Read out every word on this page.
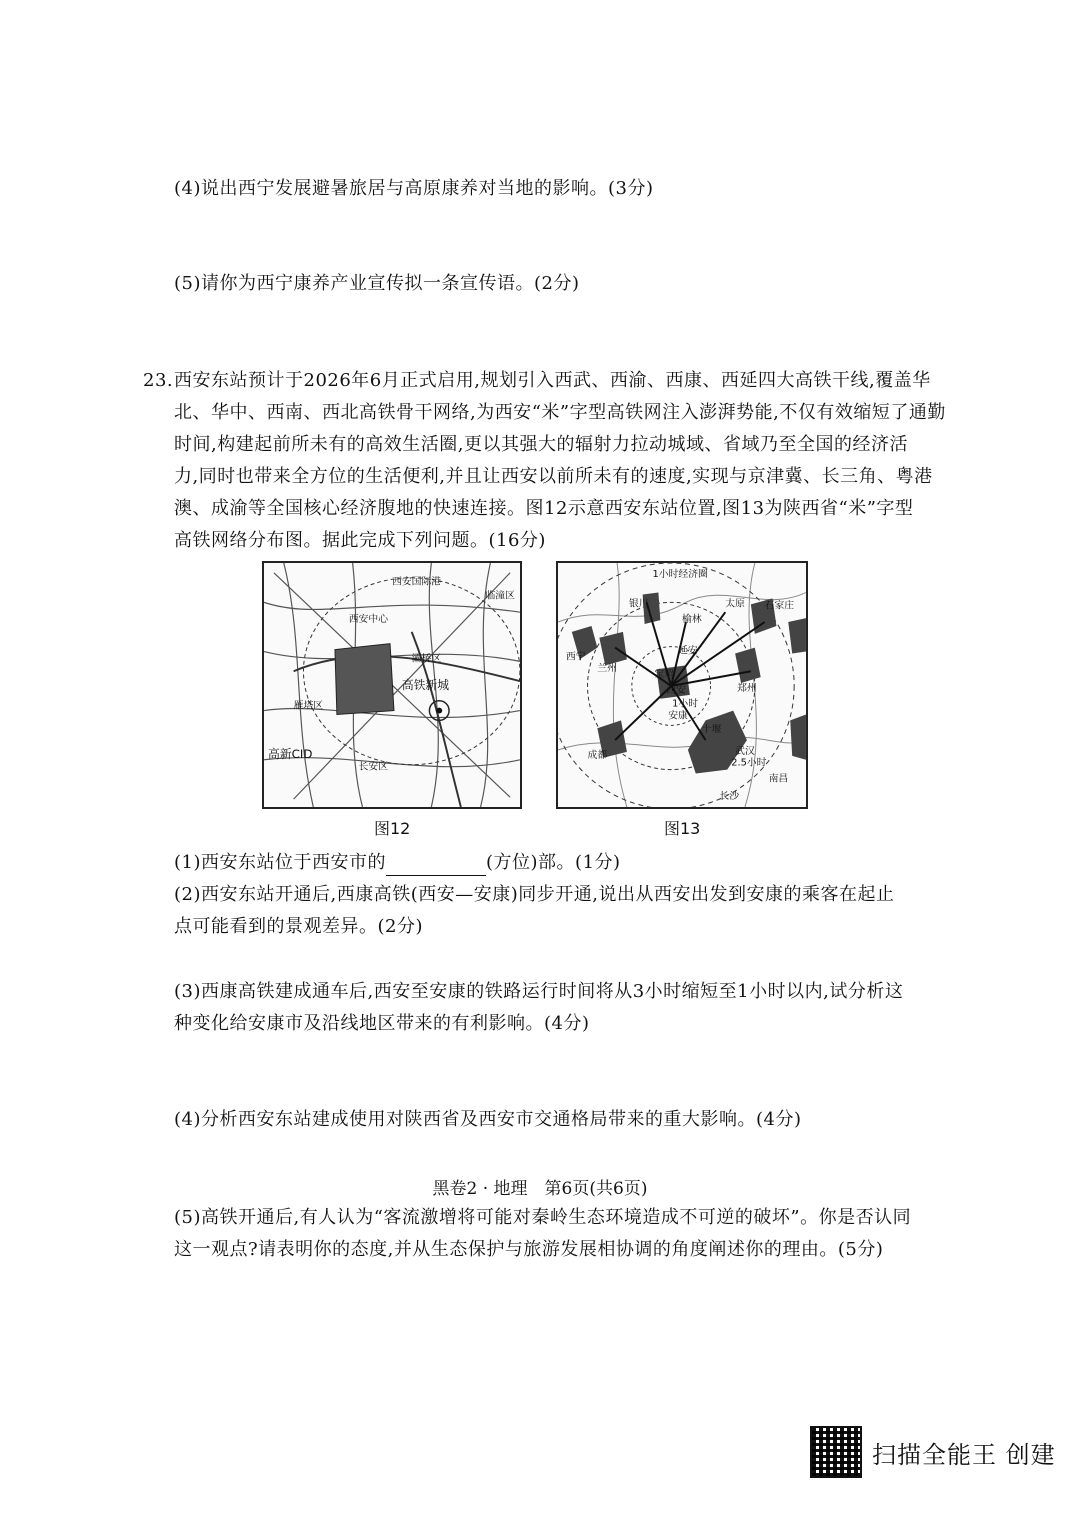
(4)说出西宁发展避暑旅居与高原康养对当地的影响。(3分)
(5)请你为西宁康养产业宣传拟一条宣传语。(2分)
23. 西安东站预计于2026年6月正式启用,规划引入西武、西渝、西康、西延四大高铁干线,覆盖华
北、华中、西南、西北高铁骨干网络,为西安“米”字型高铁网注入澎湃势能,不仅有效缩短了通勤
时间,构建起前所未有的高效生活圈,更以其强大的辐射力拉动城域、省域乃至全国的经济活
力,同时也带来全方位的生活便利,并且让西安以前所未有的速度,实现与京津冀、长三角、粤港
澳、成渝等全国核心经济腹地的快速连接。图12示意西安东站位置,图13为陕西省“米”字型
高铁网络分布图。据此完成下列问题。(16分)
西安国际港
临潼区
西安中心
高铁新城
高新CID
雁塔区
长安区
灞桥区
图12
1小时经济圈
银川	太原 石家庄
榆林
西宁
兰州
延安
郑州
宝鸡
西安
安康
十堰
成都	武汉
2.5小时
长沙
南昌
1小时
图13
(1)西安东站位于西安市的	(方位)部。(1分)
(2)西安东站开通后,西康高铁(西安—安康)同步开通,说出从西安出发到安康的乘客在起止
点可能看到的景观差异。(2分)
(3)西康高铁建成通车后,西安至安康的铁路运行时间将从3小时缩短至1小时以内,试分析这
种变化给安康市及沿线地区带来的有利影响。(4分)
(4)分析西安东站建成使用对陕西省及西安市交通格局带来的重大影响。(4分)
(5)高铁开通后,有人认为“客流激增将可能对秦岭生态环境造成不可逆的破坏”。你是否认同
这一观点?请表明你的态度,并从生态保护与旅游发展相协调的角度阐述你的理由。(5分)
黑卷2 · 地理　第6页(共6页)
扫描全能王 创建
